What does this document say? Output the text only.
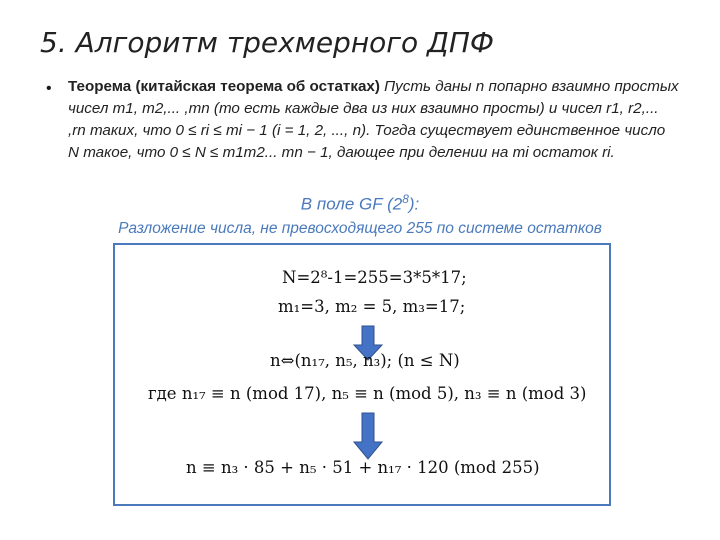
5. Алгоритм трехмерного ДПФ
• Теорема (китайская теорема об остатках) Пусть даны n попарно взаимно простых чисел m1, m2,... ,mn (то есть каждые два из них взаимно просты) и чисел r1, r2,... ,rn таких, что 0 ≤ ri ≤ mi − 1 (i = 1, 2, ..., n). Тогда существует единственное число N такое, что 0 ≤ N ≤ m1m2... mn − 1, дающее при делении на mi остаток ri.
В поле GF $(2^8)$:
Разложение числа, не превосходящего 255 по системе остатков
N=2⁸-1=255=3*5*17;
m₁=3, m₂ = 5, m₃=17;
n⇔(n₁₇, n₅, n₃); (n ≤ N)
где n₁₇ ≡ n (mod 17), n₅ ≡ n (mod 5), n₃ ≡ n (mod 3)
n ≡ n₃ · 85 + n₅ · 51 + n₁₇ · 120 (mod 255)
